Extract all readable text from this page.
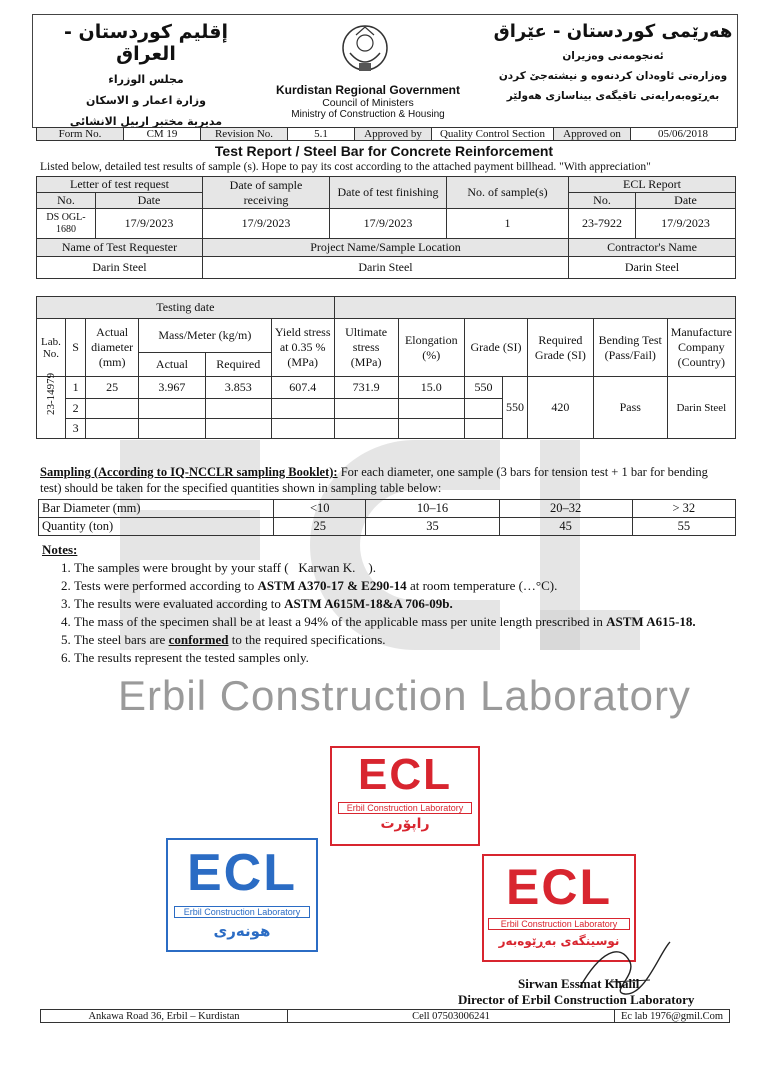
إقليم كوردستان - العراق
مجلس الوزراء
وزارة اعمار و الاسكان
مديرية مختبر اربيل الانشائي
Kurdistan Regional Government
Council of Ministers
Ministry of Construction & Housing
هەرێمی کوردستان - عێراق
ئەنجومەنی وەزیران
وەزارەتی ئاوەدان کردنەوە و نیشتەجێ کردن
بەڕێوەبەرایەتی تاقیگەی بیناسازی هەولێر
Form No.	CM 19	Revision No.	5.1	Approved by	Quality Control Section	Approved on	05/06/2018
Test Report / Steel Bar for Concrete Reinforcement
Listed below, detailed test results of sample (s). Hope to pay its cost according to the attached payment billhead. "With appreciation"
Letter of test request		Date of sample receiving	Date of test finishing	No. of sample(s)	ECL Report	
No.	Date				No.	Date
DS OGL-1680	17/9/2023	17/9/2023	17/9/2023	1	23-7922	17/9/2023
Name of Test Requester		Project Name/Sample Location			Contractor's Name	
Darin Steel		Darin Steel			Darin Steel	
Testing date												
Lab. No.	S	Actual diameter (mm)	Mass/Meter (kg/m)		Yield stress at 0.35 % (MPa)	Ultimate stress (MPa)	Elongation (%)	Grade (SI)		Required Grade (SI)	Bending Test (Pass/Fail)	Manufacture Company (Country)
			Actual	Required								

23-14979	1	25	3.967	3.853	607.4	731.9	15.0	550	550	420	Pass	Darin Steel
	2											
	3											
Sampling (According to IQ-NCCLR sampling Booklet): For each diameter, one sample (3 bars for tension test + 1 bar for bending test) should be taken for the specified quantities shown in sampling table below:
Bar Diameter (mm)	<10	10–16	20–32	> 32
Quantity (ton)	25	35	45	55
Notes:
1. The samples were brought by your staff ( Karwan K. ).
2. Tests were performed according to ASTM A370-17 & E290-14 at room temperature (…°C).
3. The results were evaluated according to ASTM A615M-18&A 706-09b.
4. The mass of the specimen shall be at least a 94% of the applicable mass per unite length prescribed in ASTM A615-18.
5. The steel bars are conformed to the required specifications.
6. The results represent the tested samples only.
Erbil Construction Laboratory
ECL
Erbil Construction Laboratory
راپۆرت
ECL
Erbil Construction Laboratory
هونەری
ECL
Erbil Construction Laboratory
نوسینگەی بەڕێوەبەر
Sirwan Essmat Khalil
Director of Erbil Construction Laboratory
Ankawa Road 36, Erbil – Kurdistan	Cell 07503006241	Ec lab 1976@gmil.Com
